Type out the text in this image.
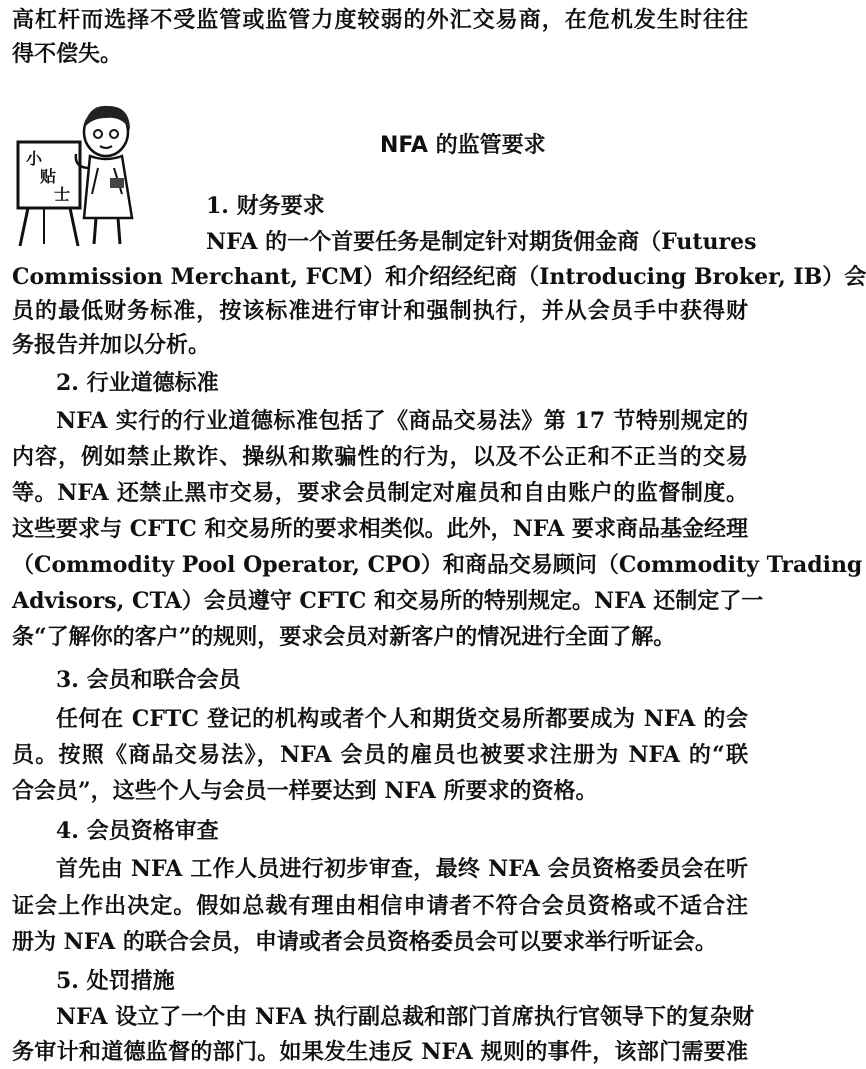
高杠杆而选择不受监管或监管力度较弱的外汇交易商，在危机发生时往往
得不偿失。
小
贴
士
NFA 的监管要求
1. 财务要求
NFA 的一个首要任务是制定针对期货佣金商（Futures
Commission Merchant, FCM）和介绍经纪商（Introducing Broker, IB）会
员的最低财务标准，按该标准进行审计和强制执行，并从会员手中获得财
务报告并加以分析。
2. 行业道德标准
NFA 实行的行业道德标准包括了《商品交易法》第 17 节特别规定的
内容，例如禁止欺诈、操纵和欺骗性的行为，以及不公正和不正当的交易
等。NFA 还禁止黑市交易，要求会员制定对雇员和自由账户的监督制度。
这些要求与 CFTC 和交易所的要求相类似。此外，NFA 要求商品基金经理
（Commodity Pool Operator, CPO）和商品交易顾问（Commodity Trading
Advisors, CTA）会员遵守 CFTC 和交易所的特别规定。NFA 还制定了一
条“了解你的客户”的规则，要求会员对新客户的情况进行全面了解。
3. 会员和联合会员
任何在 CFTC 登记的机构或者个人和期货交易所都要成为 NFA 的会
员。按照《商品交易法》，NFA 会员的雇员也被要求注册为 NFA 的“联
合会员”，这些个人与会员一样要达到 NFA 所要求的资格。
4. 会员资格审查
首先由 NFA 工作人员进行初步审查，最终 NFA 会员资格委员会在听
证会上作出决定。假如总裁有理由相信申请者不符合会员资格或不适合注
册为 NFA 的联合会员，申请或者会员资格委员会可以要求举行听证会。
5. 处罚措施
NFA 设立了一个由 NFA 执行副总裁和部门首席执行官领导下的复杂财
务审计和道德监督的部门。如果发生违反 NFA 规则的事件，该部门需要准
